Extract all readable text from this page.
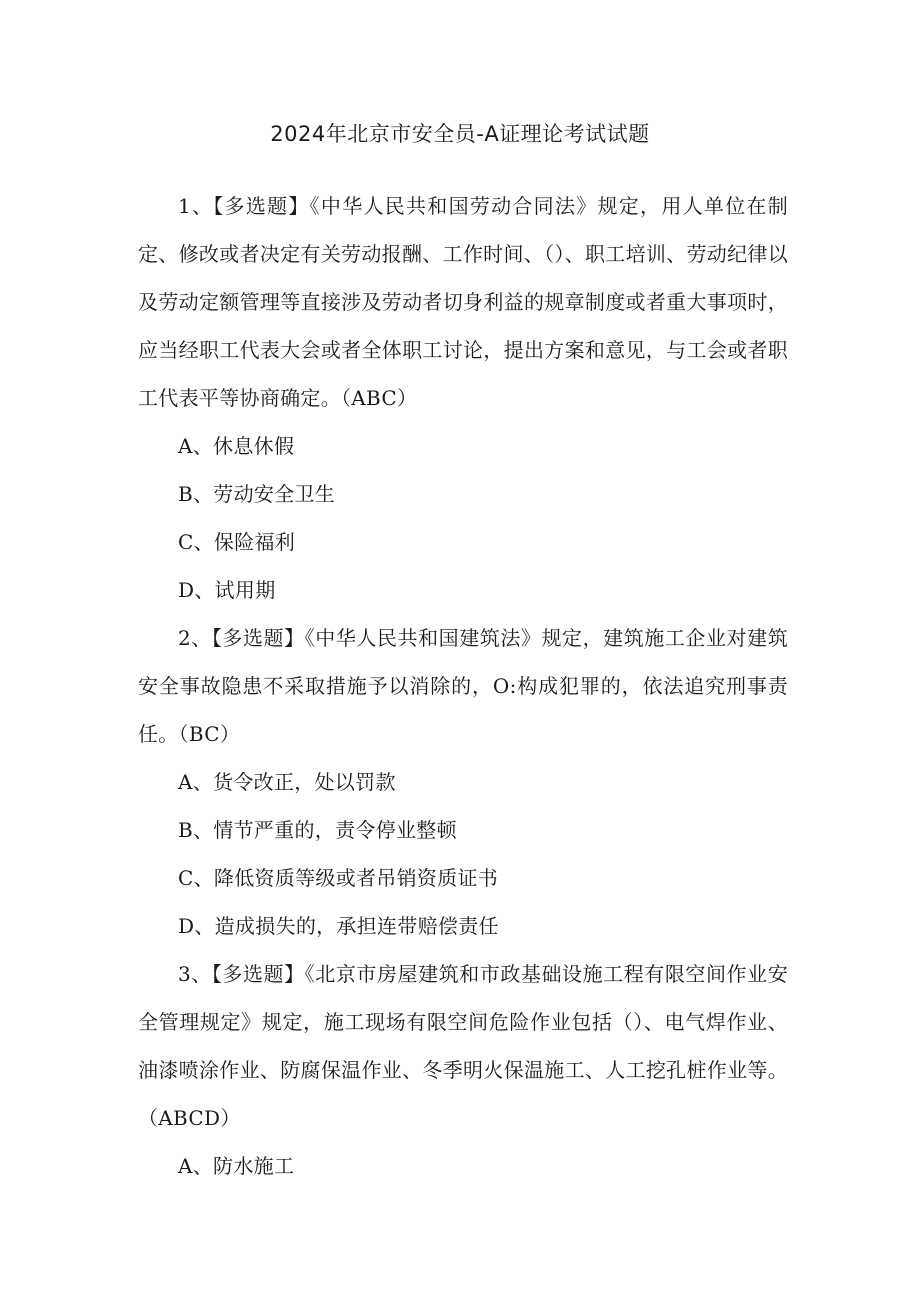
2024年北京市安全员-A证理论考试试题

1、【多选题】《中华人民共和国劳动合同法》规定，用人单位在制定、修改或者决定有关劳动报酬、工作时间、（）、职工培训、劳动纪律以及劳动定额管理等直接涉及劳动者切身利益的规章制度或者重大事项时，应当经职工代表大会或者全体职工讨论，提出方案和意见，与工会或者职工代表平等协商确定。（ABC）

A、休息休假

B、劳动安全卫生

C、保险福利

D、试用期

2、【多选题】《中华人民共和国建筑法》规定，建筑施工企业对建筑安全事故隐患不采取措施予以消除的，O:构成犯罪的，依法追究刑事责任。（BC）

A、货令改正，处以罚款

B、情节严重的，责令停业整顿

C、降低资质等级或者吊销资质证书

D、造成损失的，承担连带赔偿责任

3、【多选题】《北京市房屋建筑和市政基础设施工程有限空间作业安全管理规定》规定，施工现场有限空间危险作业包括（）、电气焊作业、油漆喷涂作业、防腐保温作业、冬季明火保温施工、人工挖孔桩作业等。（ABCD）

A、防水施工
